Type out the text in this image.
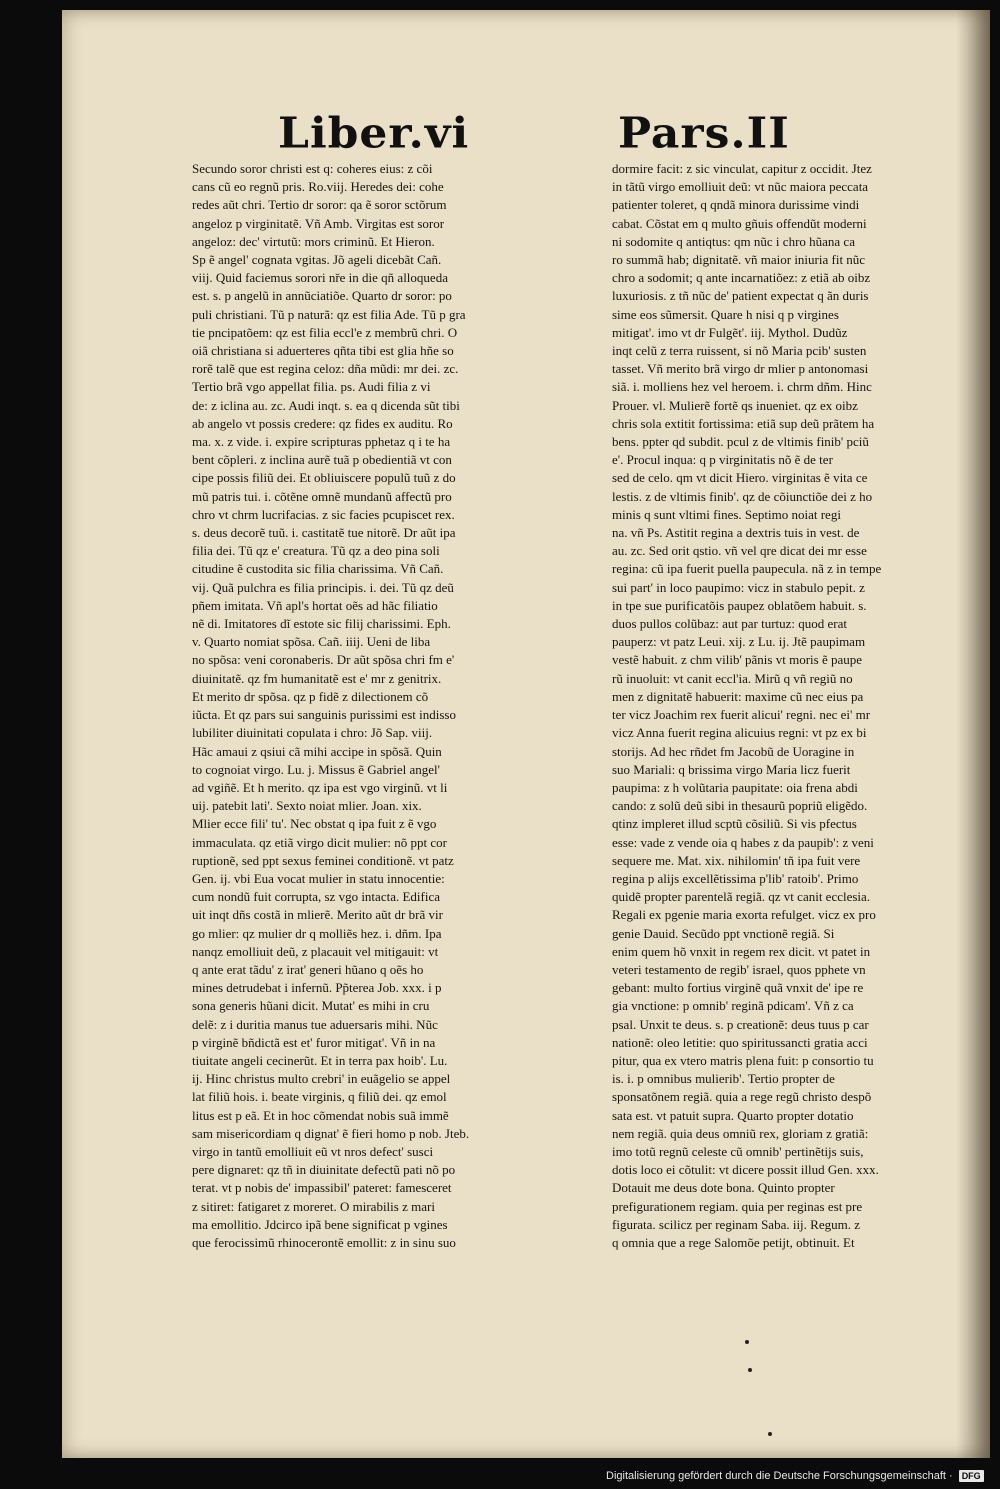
Liber.vi	Pars.II
Secundo soror christi est q: coheres eius: z cõi
cans cũ eo regnũ pris. Ro.viij. Heredes dei: cohe
redes aũt chri. Tertio dr soror: qa ẽ soror sctõrum
angeloz p virginitatẽ. Vñ Amb. Virgitas est soror
angeloz: dec' virtutũ: mors criminũ. Et Hieron.
Sp ẽ angel' cognata vgitas. Jõ ageli dicebãt Cañ.
viij. Quid faciemus sorori nře in die qñ alloqueda
est. s. p angelũ in annũciatiõe. Quarto dr soror: po
puli christiani. Tũ p naturã: qz est filia Ade. Tũ p gra
tie pncipatõem: qz est filia eccl'e z membrũ chri. O
oiã christiana si aduerteres qñta tibi est glia hñe so
rorẽ talẽ que est regina celoz: dña mũdi: mr dei. zc.
Tertio brã vgo appellat filia. ps. Audi filia z vi
de: z iclina au. zc. Audi inqt. s. ea q dicenda sũt tibi
ab angelo vt possis credere: qz fides ex auditu. Ro
ma. x. z vide. i. expire scripturas pphetaz q i te ha
bent cõpleri. z inclina aurẽ tuã p obedientiã vt con
cipe possis filiũ dei. Et obliuiscere populũ tuũ z do
mũ patris tui. i. cõtẽne omnẽ mundanũ affectũ pro
chro vt chrm lucrifacias. z sic facies pcupiscet rex.
s. deus decorẽ tuũ. i. castitatẽ tue nitorẽ. Dr aũt ipa
filia dei. Tũ qz e' creatura. Tũ qz a deo pina soli
citudine ẽ custodita sic filia charissima. Vñ Cañ.
vij. Quã pulchra es filia principis. i. dei. Tũ qz deũ
pñem imitata. Vñ apl's hortat oẽs ad hãc filiatio
nẽ di. Imitatores dĩ estote sic filij charissimi. Eph.
v. Quarto nomiat spõsa. Cañ. iiij. Ueni de liba
no spõsa: veni coronaberis. Dr aũt spõsa chri fm e'
diuinitatẽ. qz fm humanitatẽ est e' mr z genitrix.
Et merito dr spõsa. qz p fidẽ z dilectionem cõ
iũcta. Et qz pars sui sanguinis purissimi est indisso
lubiliter diuinitati copulata i chro: Jõ Sap. viij.
Hãc amaui z qsiui cã mihi accipe in spõsã. Quin
to cognoiat virgo. Lu. j. Missus ẽ Gabriel angel'
ad vgiñẽ. Et h merito. qz ipa est vgo virginũ. vt li
uij. patebit lati'. Sexto noiat mlier. Joan. xix.
Mlier ecce fili' tu'. Nec obstat q ipa fuit z ẽ vgo
immaculata. qz etiã virgo dicit mulier: nõ ppt cor
ruptionẽ, sed ppt sexus feminei conditionẽ. vt patz
Gen. ij. vbi Eua vocat mulier in statu innocentie:
cum nondũ fuit corrupta, sz vgo intacta. Edifica
uit inqt dñs costã in mlierẽ. Merito aũt dr brã vir
go mlier: qz mulier dr q molliẽs hez. i. dñm. Ipa
nanqz emolliuit deũ, z placauit vel mitigauit: vt
q ante erat tãdu' z irat' generi hũano q oẽs ho
mines detrudebat i infernũ. Pp̃terea Job. xxx. i p
sona generis hũani dicit. Mutat' es mihi in cru
delẽ: z i duritia manus tue aduersaris mihi. Nũc
p virginẽ bñdictã est et' furor mitigat'. Vñ in na
tiuitate angeli cecinerũt. Et in terra pax hoib'. Lu.
ij. Hinc christus multo crebri' in euãgelio se appel
lat filiũ hois. i. beate virginis, q filiũ dei. qz emol
litus est p eã. Et in hoc cõmendat nobis suã immẽ
sam misericordiam q dignat' ẽ fieri homo p nob. Jteb.
virgo in tantũ emolliuit eũ vt nros defect' susci
pere dignaret: qz tñ in diuinitate defectũ pati nõ po
terat. vt p nobis de' impassibil' pateret: famesceret
z sitiret: fatigaret z moreret. O mirabilis z mari
ma emollitio. Jdcirco ipã bene significat p vgines
que ferocissimũ rhinocerontẽ emollit: z in sinu suo
dormire facit: z sic vinculat, capitur z occidit. Jtez
in tãtũ virgo emolliuit deũ: vt nũc maiora peccata
patienter toleret, q qndã minora durissime vindi
cabat. Cõstat em q multo gñuis offendũt moderni
ni sodomite q antiqtus: qm nũc i chro hũana ca
ro summã hab; dignitatẽ. vñ maior iniuria fit nũc
chro a sodomit; q ante incarnatiõez: z etiã ab oibz
luxuriosis. z tñ nũc de' patient expectat q ãn duris
sime eos sũmersit. Quare h nisi q p virgines
mitigat'. imo vt dr Fulgẽt'. iij. Mythol. Dudũz
inqt celũ z terra ruissent, si nõ Maria pcib' susten
tasset. Vñ merito brã virgo dr mlier p antonomasi
siã. i. molliens hez vel heroem. i. chrm dñm. Hinc
Prouer. vl. Mulierẽ fortẽ qs inueniet. qz ex oibz
chris sola extitit fortissima: etiã sup deũ prãtem ha
bens. ppter qd subdit. pcul z de vltimis finib' pciũ
e'. Procul inqua: q p virginitatis nõ ẽ de ter
sed de celo. qm vt dicit Hiero. virginitas ẽ vita ce
lestis. z de vltimis finib'. qz de cõiunctiõe dei z ho
minis q sunt vltimi fines. Septimo noiat regi
na. vñ Ps. Astitit regina a dextris tuis in vest. de
au. zc. Sed orit qstio. vñ vel qre dicat dei mr esse
regina: cũ ipa fuerit puella paupecula. nã z in tempe
sui part' in loco paupimo: vicz in stabulo pepit. z
in tpe sue purificatõis paupez oblatõem habuit. s.
duos pullos colũbaz: aut par turtuz: quod erat
pauperz: vt patz Leui. xij. z Lu. ij. Jtẽ paupimam
vestẽ habuit. z chm vilib' pãnis vt moris ẽ paupe
rũ inuoluit: vt canit eccl'ia. Mirũ q vñ regiũ no
men z dignitatẽ habuerit: maxime cũ nec eius pa
ter vicz Joachim rex fuerit alicui' regni. nec ei' mr
vicz Anna fuerit regina alicuius regni: vt pz ex bi
storijs. Ad hec rñdet fm Jacobũ de Uoragine in
suo Mariali: q brissima virgo Maria licz fuerit
paupima: z h volũtaria paupitate: oia frena abdi
cando: z solũ deũ sibi in thesaurũ popriũ eligẽdo.
qtinz impleret illud scptũ cõsiliũ. Si vis pfectus
esse: vade z vende oia q habes z da paupib': z veni
sequere me. Mat. xix. nihilomin' tñ ipa fuit vere
regina p alijs excellẽtissima p'lib' ratoib'. Primo
quidẽ propter parentelã regiã. qz vt canit ecclesia.
Regali ex pgenie maria exorta refulget. vicz ex pro
genie Dauid. Secũdo ppt vnctionẽ regiã. Si
enim quem hõ vnxit in regem rex dicit. vt patet in
veteri testamento de regib' israel, quos pphete vn
gebant: multo fortius virginẽ quã vnxit de' ipe re
gia vnctione: p omnib' reginã pdicam'. Vñ z ca
psal. Unxit te deus. s. p creationẽ: deus tuus p car
nationẽ: oleo letitie: quo spiritussancti gratia acci
pitur, qua ex vtero matris plena fuit: p consortio tu
is. i. p omnibus mulierib'. Tertio propter de
sponsatõnem regiã. quia a rege regũ christo despõ
sata est. vt patuit supra. Quarto propter dotatio
nem regiã. quia deus omniũ rex, gloriam z gratiã:
imo totũ regnũ celeste cũ omnib' pertinẽtijs suis,
dotis loco ei cõtulit: vt dicere possit illud Gen. xxx.
Dotauit me deus dote bona. Quinto propter
prefigurationem regiam. quia per reginas est pre
figurata. scilicz per reginam Saba. iij. Regum. z
q omnia que a rege Salomõe petijt, obtinuit. Et
Digitalisierung gefördert durch die Deutsche Forschungsgemeinschaft ·	DFG
